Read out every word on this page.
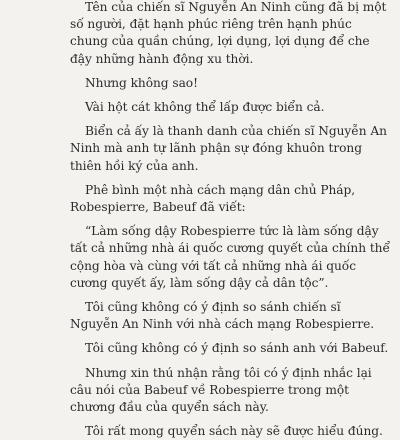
Tên của chiến sĩ Nguyễn An Ninh cũng đã bị một số người, đặt hạnh phúc riêng trên hạnh phúc chung của quần chúng, lợi dụng, lợi dụng để che đậy những hành động xu thời.

Nhưng không sao!

Vài hột cát không thể lấp được biển cả.

Biển cả ấy là thanh danh của chiến sĩ Nguyễn An Ninh mà anh tự lãnh phận sự đóng khuôn trong thiên hồi ký của anh.

Phê bình một nhà cách mạng dân chủ Pháp, Robespierre, Babeuf đã viết:

“Làm sống dậy Robespierre tức là làm sống dậy tất cả những nhà ái quốc cương quyết của chính thể cộng hòa và cùng với tất cả những nhà ái quốc cương quyết ấy, làm sống dậy cả dân tộc”.

Tôi cũng không có ý định so sánh chiến sĩ Nguyễn An Ninh với nhà cách mạng Robespierre.

Tôi cũng không có ý định so sánh anh với Babeuf.

Nhưng xin thú nhận rằng tôi có ý định nhắc lại câu nói của Babeuf về Robespierre trong một chương đầu của quyển sách này.

Tôi rất mong quyển sách này sẽ được hiểu đúng.
